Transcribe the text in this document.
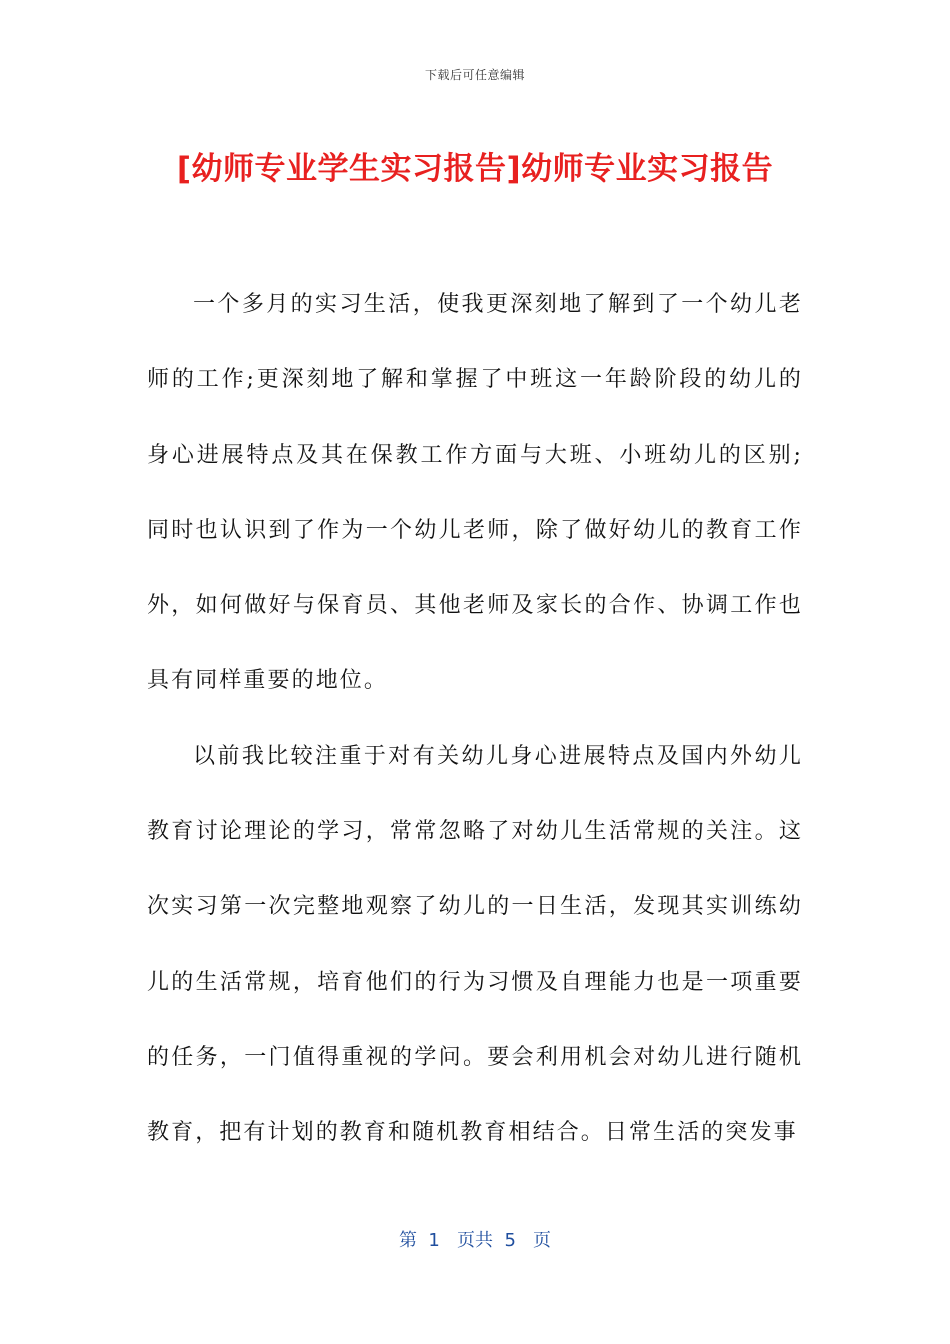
下载后可任意编辑
[幼师专业学生实习报告]幼师专业实习报告

一个多月的实习生活，使我更深刻地了解到了一个幼儿老师的工作;更深刻地了解和掌握了中班这一年龄阶段的幼儿的身心进展特点及其在保教工作方面与大班、小班幼儿的区别;同时也认识到了作为一个幼儿老师，除了做好幼儿的教育工作外，如何做好与保育员、其他老师及家长的合作、协调工作也具有同样重要的地位。

以前我比较注重于对有关幼儿身心进展特点及国内外幼儿教育讨论理论的学习，常常忽略了对幼儿生活常规的关注。这次实习第一次完整地观察了幼儿的一日生活，发现其实训练幼儿的生活常规，培育他们的行为习惯及自理能力也是一项重要的任务，一门值得重视的学问。要会利用机会对幼儿进行随机教育，把有计划的教育和随机教育相结合。日常生活的突发事

第  1   页共  5   页
